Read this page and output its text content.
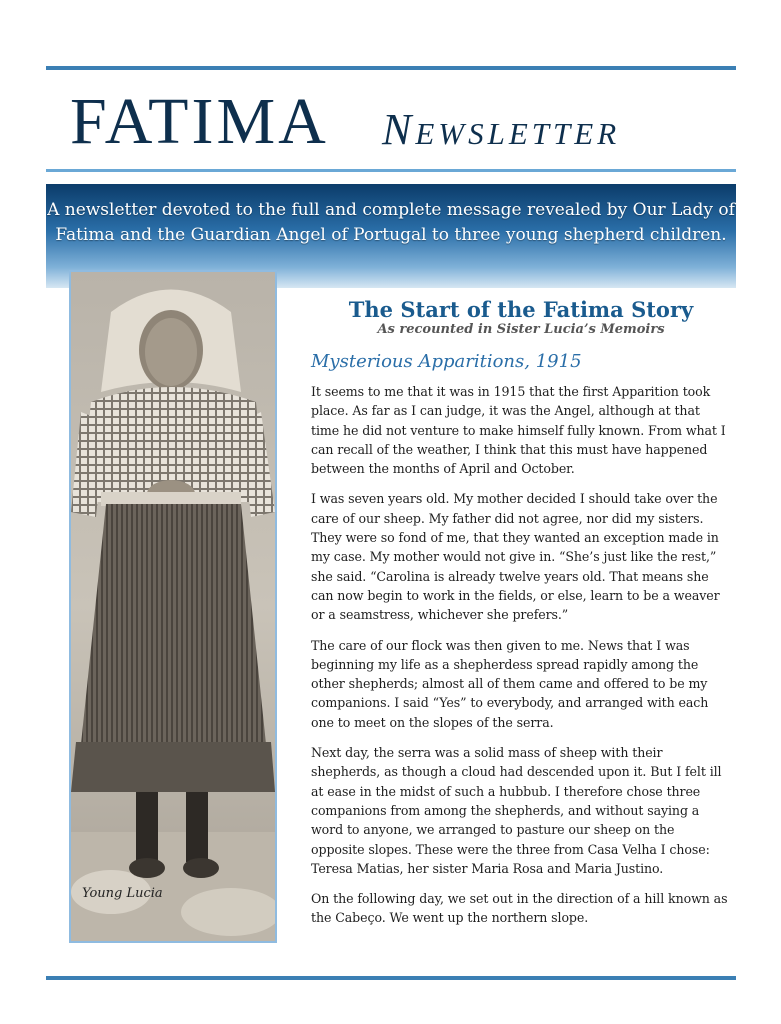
FATIMA Newsletter
A newsletter devoted to the full and complete message revealed by Our Lady of Fatima and the Guardian Angel of Portugal to three young shepherd children.
Young Lucia
The Start of the Fatima Story
As recounted in Sister Lucia’s Memoirs
Mysterious Apparitions, 1915

It seems to me that it was in 1915 that the first Apparition took place. As far as I can judge, it was the Angel, although at that time he did not venture to make himself fully known. From what I can recall of the weather, I think that this must have happened between the months of April and October.

I was seven years old. My mother decided I should take over the care of our sheep. My father did not agree, nor did my sisters. They were so fond of me, that they wanted an exception made in my case. My mother would not give in. “She’s just like the rest,” she said. “Carolina is already twelve years old. That means she can now begin to work in the fields, or else, learn to be a weaver or a seamstress, whichever she prefers.”

The care of our flock was then given to me. News that I was beginning my life as a shepherdess spread rapidly among the other shepherds; almost all of them came and offered to be my companions. I said “Yes” to everybody, and arranged with each one to meet on the slopes of the serra.

Next day, the serra was a solid mass of sheep with their shepherds, as though a cloud had descended upon it. But I felt ill at ease in the midst of such a hubbub. I therefore chose three companions from among the shepherds, and without saying a word to anyone, we arranged to pasture our sheep on the opposite slopes. These were the three from Casa Velha I chose: Teresa Matias, her sister Maria Rosa and Maria Justino.

On the following day, we set out in the direction of a hill known as the Cabeço. We went up the northern slope.
